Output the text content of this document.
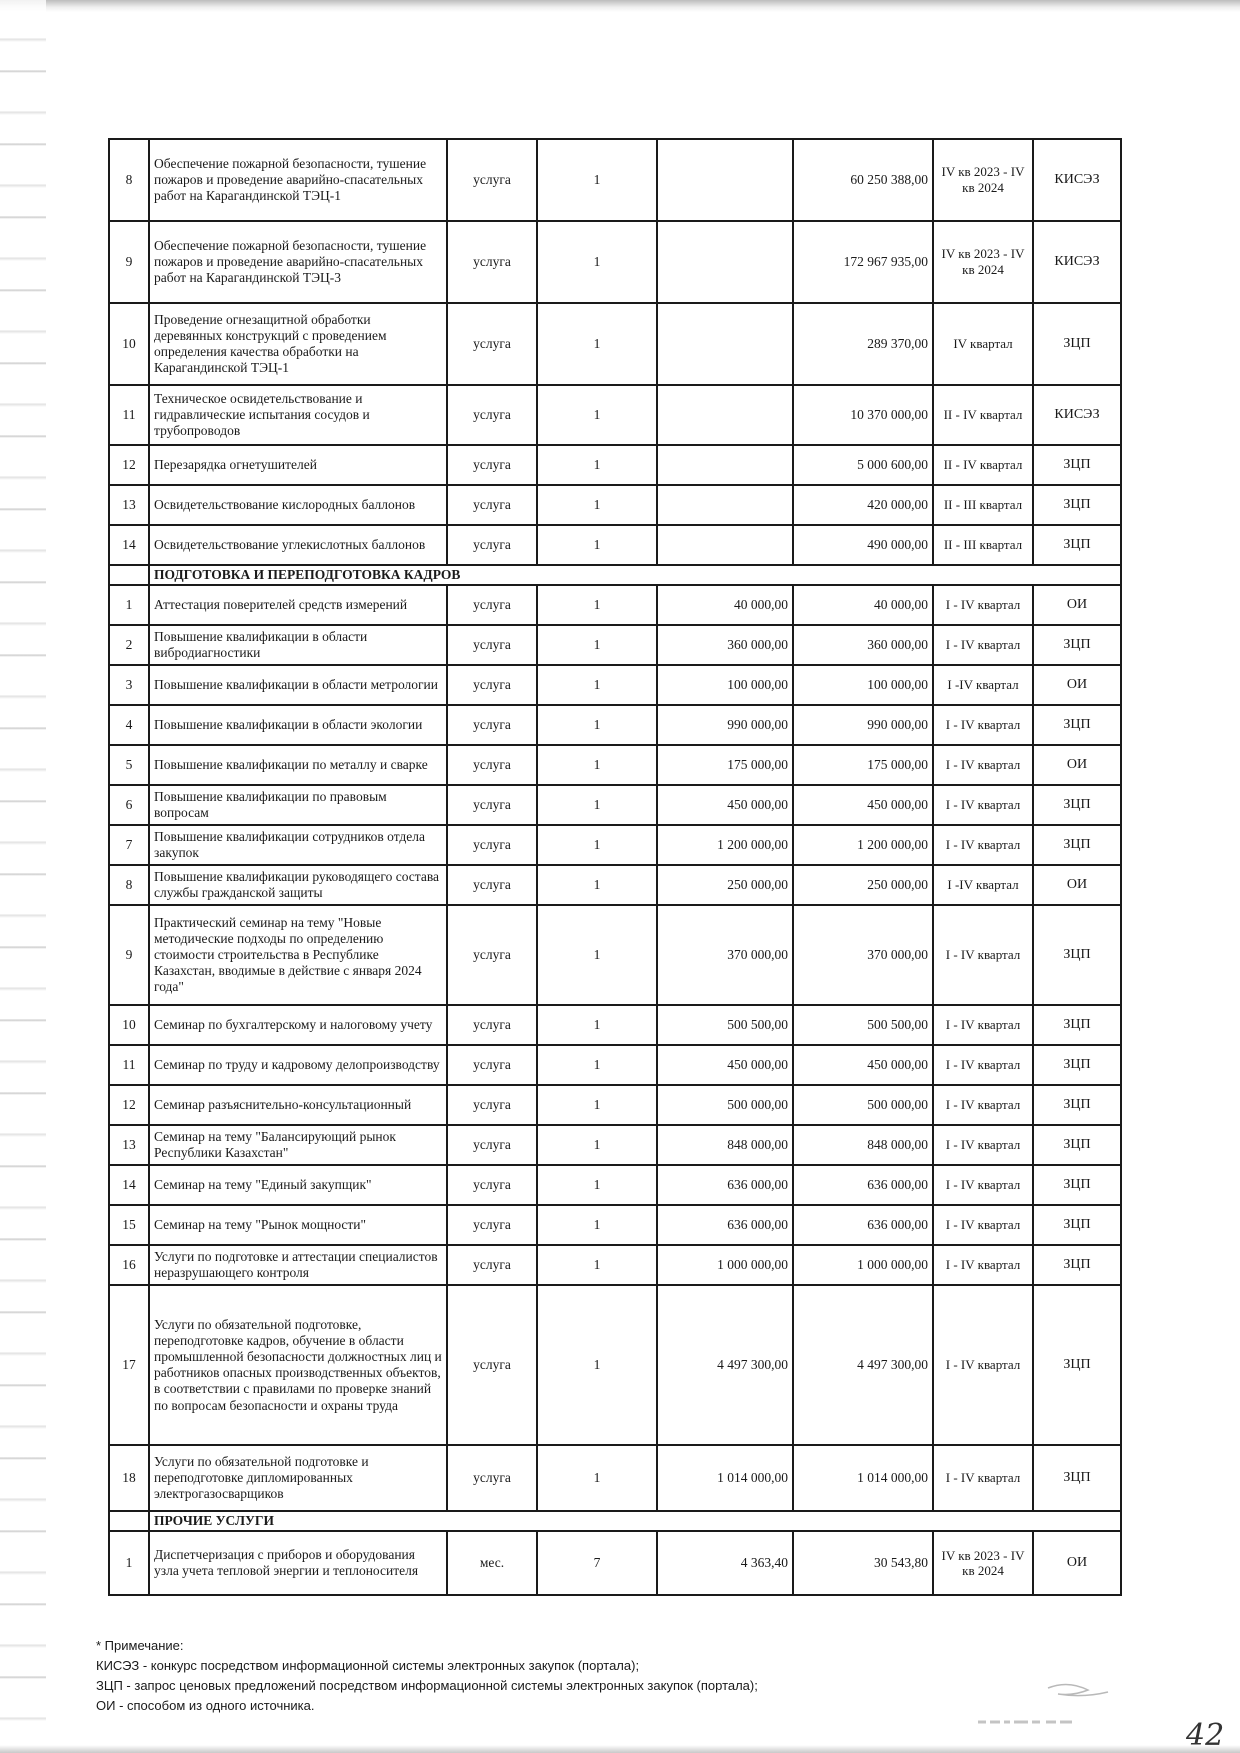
8	Обеспечение пожарной безопасности, тушение пожаров и проведение аварийно-спасательных работ на Карагандинской ТЭЦ-1	услуга	1		60 250 388,00	IV кв 2023 - IV кв 2024	КИСЭЗ
9	Обеспечение пожарной безопасности, тушение пожаров и проведение аварийно-спасательных работ на Карагандинской ТЭЦ-3	услуга	1		172 967 935,00	IV кв 2023 - IV кв 2024	КИСЭЗ
10	Проведение огнезащитной обработки деревянных конструкций с проведением определения качества обработки на Карагандинской ТЭЦ-1	услуга	1		289 370,00	IV квартал	ЗЦП
11	Техническое освидетельствование и гидравлические испытания сосудов и трубопроводов	услуга	1		10 370 000,00	II - IV квартал	КИСЭЗ
12	Перезарядка огнетушителей	услуга	1		5 000 600,00	II - IV квартал	ЗЦП
13	Освидетельствование кислородных баллонов	услуга	1		420 000,00	II - III квартал	ЗЦП
14	Освидетельствование углекислотных баллонов	услуга	1		490 000,00	II - III квартал	ЗЦП
	ПОДГОТОВКА И ПЕРЕПОДГОТОВКА КАДРОВ						
1	Аттестация поверителей средств измерений	услуга	1	40 000,00	40 000,00	I - IV квартал	ОИ
2	Повышение квалификации в области вибродиагностики	услуга	1	360 000,00	360 000,00	I - IV квартал	ЗЦП
3	Повышение квалификации в области метрологии	услуга	1	100 000,00	100 000,00	I -IV квартал	ОИ
4	Повышение квалификации в области экологии	услуга	1	990 000,00	990 000,00	I - IV квартал	ЗЦП
5	Повышение квалификации по металлу и сварке	услуга	1	175 000,00	175 000,00	I - IV квартал	ОИ
6	Повышение квалификации по правовым вопросам	услуга	1	450 000,00	450 000,00	I - IV квартал	ЗЦП
7	Повышение квалификации сотрудников отдела закупок	услуга	1	1 200 000,00	1 200 000,00	I - IV квартал	ЗЦП
8	Повышение квалификации руководящего состава службы гражданской защиты	услуга	1	250 000,00	250 000,00	I -IV квартал	ОИ
9	Практический семинар на тему "Новые методические подходы по определению стоимости строительства в Республике Казахстан, вводимые в действие с января 2024 года"	услуга	1	370 000,00	370 000,00	I - IV квартал	ЗЦП
10	Семинар по бухгалтерскому и налоговому учету	услуга	1	500 500,00	500 500,00	I - IV квартал	ЗЦП
11	Семинар по труду и кадровому делопроизводству	услуга	1	450 000,00	450 000,00	I - IV квартал	ЗЦП
12	Семинар разъяснительно-консультационный	услуга	1	500 000,00	500 000,00	I - IV квартал	ЗЦП
13	Семинар на тему "Балансирующий рынок Республики Казахстан"	услуга	1	848 000,00	848 000,00	I - IV квартал	ЗЦП
14	Семинар на тему "Единый закупщик"	услуга	1	636 000,00	636 000,00	I - IV квартал	ЗЦП
15	Семинар на тему "Рынок мощности"	услуга	1	636 000,00	636 000,00	I - IV квартал	ЗЦП
16	Услуги по подготовке и аттестации специалистов неразрушающего контроля	услуга	1	1 000 000,00	1 000 000,00	I - IV квартал	ЗЦП
17	Услуги по обязательной подготовке, переподготовке кадров, обучение в области промышленной безопасности должностных лиц и работников опасных производственных объектов, в соответствии с правилами по проверке знаний по вопросам безопасности и охраны труда	услуга	1	4 497 300,00	4 497 300,00	I - IV квартал	ЗЦП
18	Услуги по обязательной подготовке и переподготовке дипломированных электрогазосварщиков	услуга	1	1 014 000,00	1 014 000,00	I - IV квартал	ЗЦП
	ПРОЧИЕ УСЛУГИ						
1	Диспетчеризация с приборов и оборудования узла учета тепловой энергии и теплоносителя	мес.	7	4 363,40	30 543,80	IV кв 2023 - IV кв 2024	ОИ
* Примечание:
КИСЭЗ - конкурс посредством информационной системы электронных закупок (портала);
ЗЦП - запрос ценовых предложений посредством информационной системы электронных закупок (портала);
ОИ - способом из одного источника.
42
